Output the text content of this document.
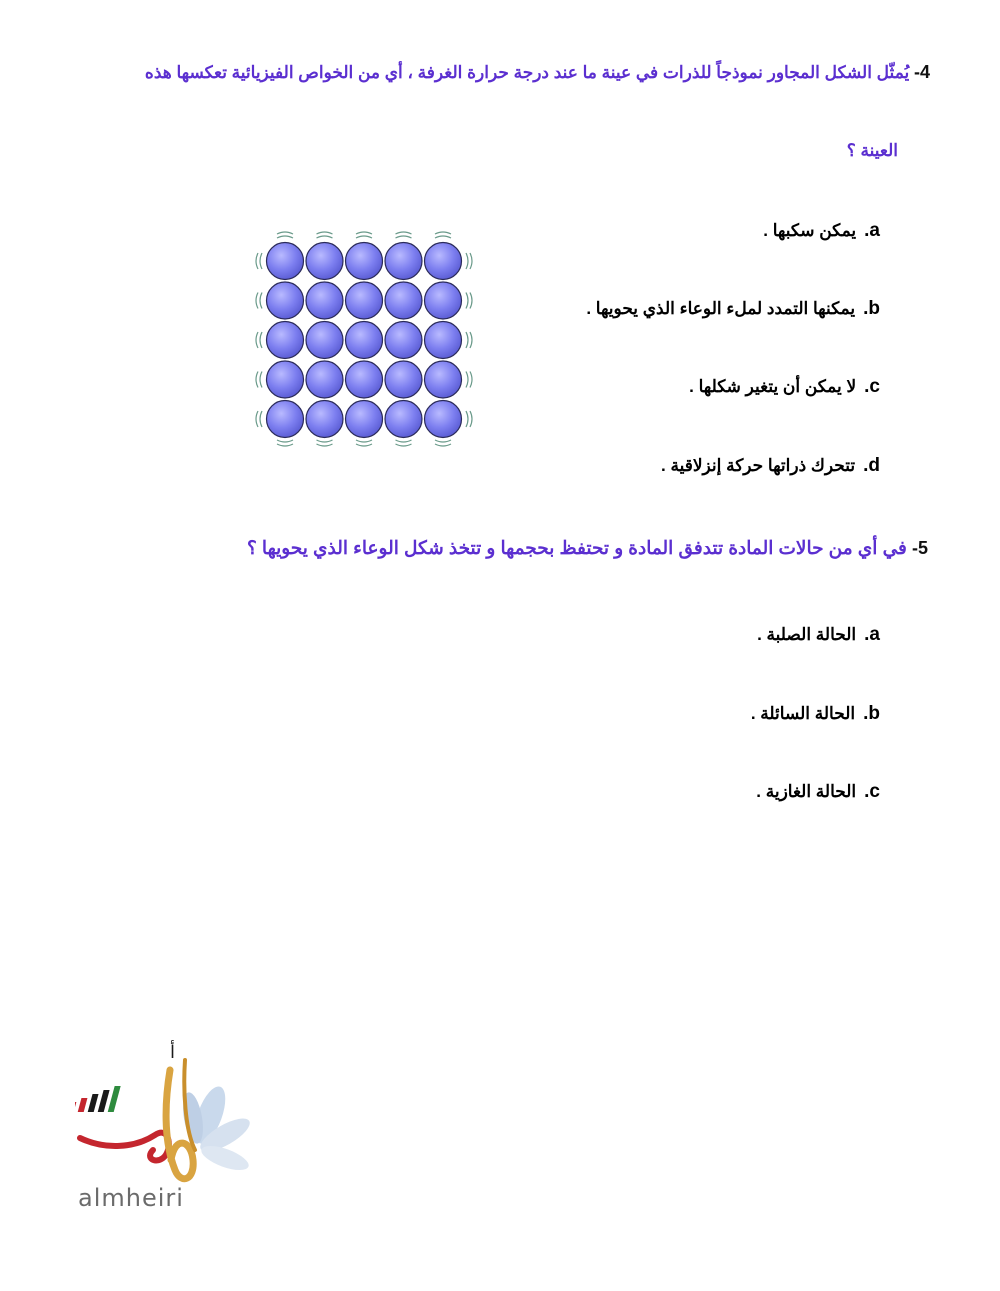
4- يُمثّل الشكل المجاور نموذجاً للذرات في عينة ما عند درجة حرارة الغرفة ، أي من الخواص الفيزيائية تعكسها هذه
العينة ؟
a.يمكن سكبها .
b.يمكنها التمدد لملء الوعاء الذي يحويها .
c.لا يمكن أن يتغير شكلها .
d.تتحرك ذراتها حركة إنزلاقية .
5- في أي من حالات المادة تتدفق المادة و تحتفظ بحجمها و تتخذ شكل الوعاء الذي يحويها ؟
a.الحالة الصلبة .
b.الحالة السائلة .
c.الحالة الغازية .
أ
almheiri
